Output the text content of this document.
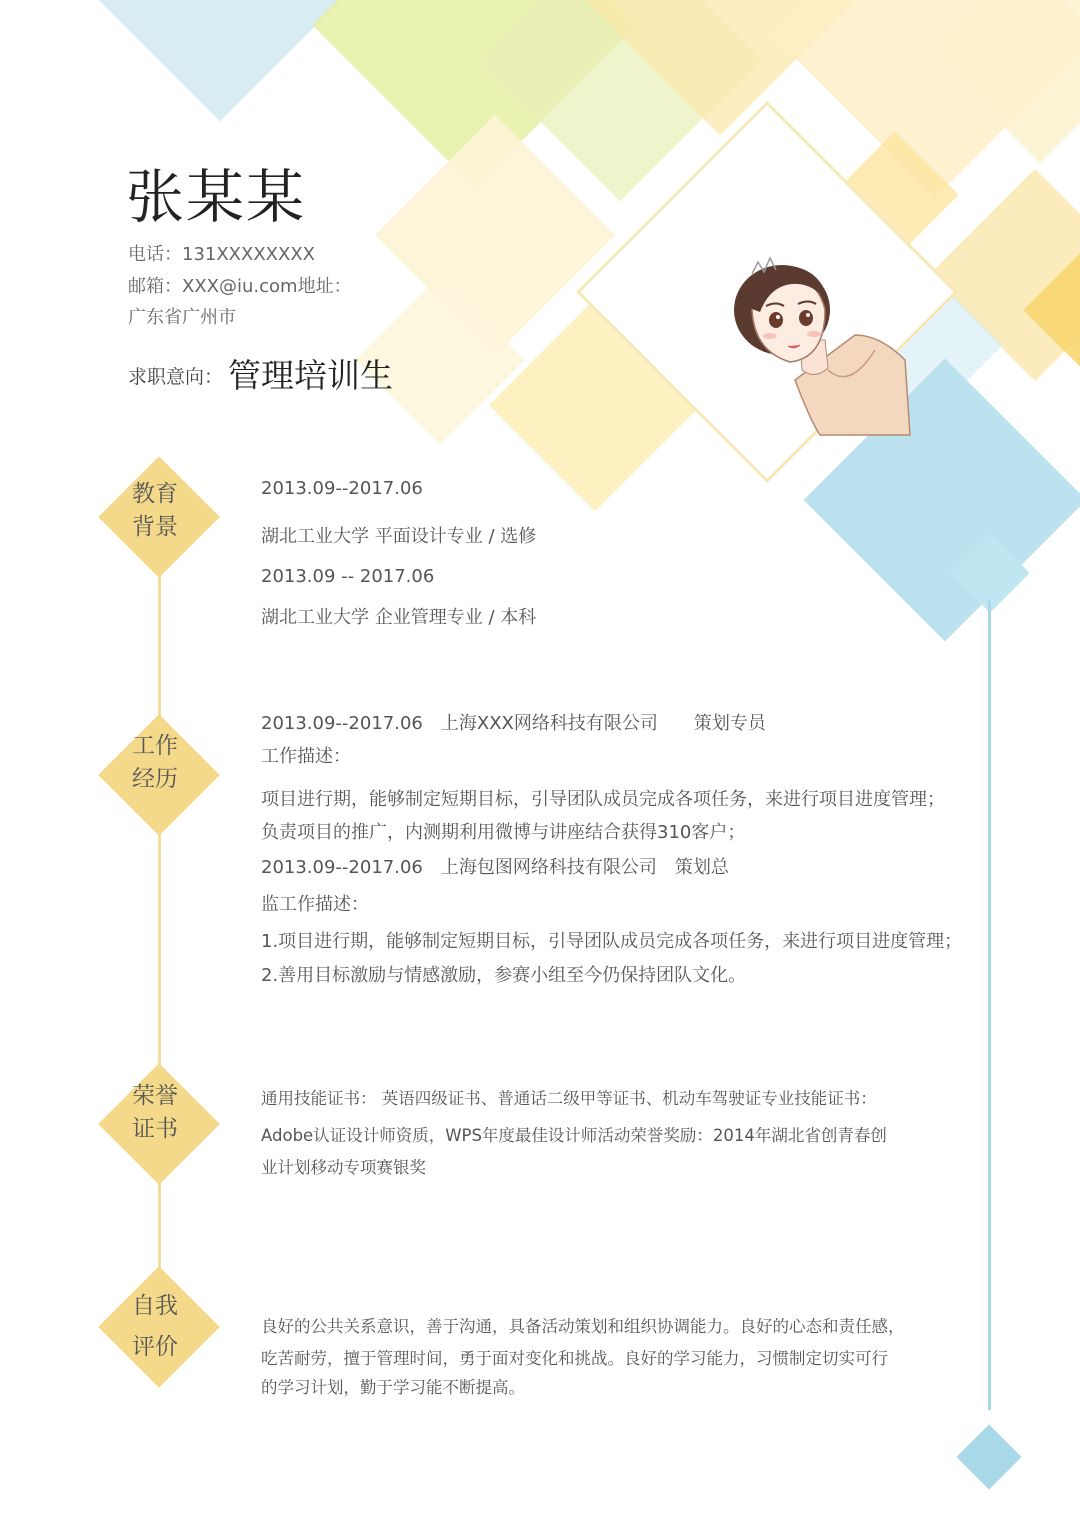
张某某
电话：131XXXXXXXX
邮箱：XXX@iu.com地址：
广东省广州市
求职意向： 管理培训生
教育
背景
2013.09--2017.06
湖北工业大学 平面设计专业 / 选修
2013.09 -- 2017.06
湖北工业大学 企业管理专业 / 本科
工作
经历
2013.09--2017.06 上海XXX网络科技有限公司 策划专员
工作描述：
项目进行期，能够制定短期目标，引导团队成员完成各项任务，来进行项目进度管理；
负责项目的推广，内测期利用微博与讲座结合获得310客户；
2013.09--2017.06 上海包图网络科技有限公司 策划总
监工作描述：
1.项目进行期，能够制定短期目标，引导团队成员完成各项任务，来进行项目进度管理；
2.善用目标激励与情感激励，参赛小组至今仍保持团队文化。
荣誉
证书
通用技能证书： 英语四级证书、普通话二级甲等证书、机动车驾驶证专业技能证书：
Adobe认证设计师资质，WPS年度最佳设计师活动荣誉奖励：2014年湖北省创青春创
业计划移动专项赛银奖
自我
评价
良好的公共关系意识，善于沟通，具备活动策划和组织协调能力。良好的心态和责任感，
吃苦耐劳，擅于管理时间，勇于面对变化和挑战。良好的学习能力，习惯制定切实可行
的学习计划，勤于学习能不断提高。
